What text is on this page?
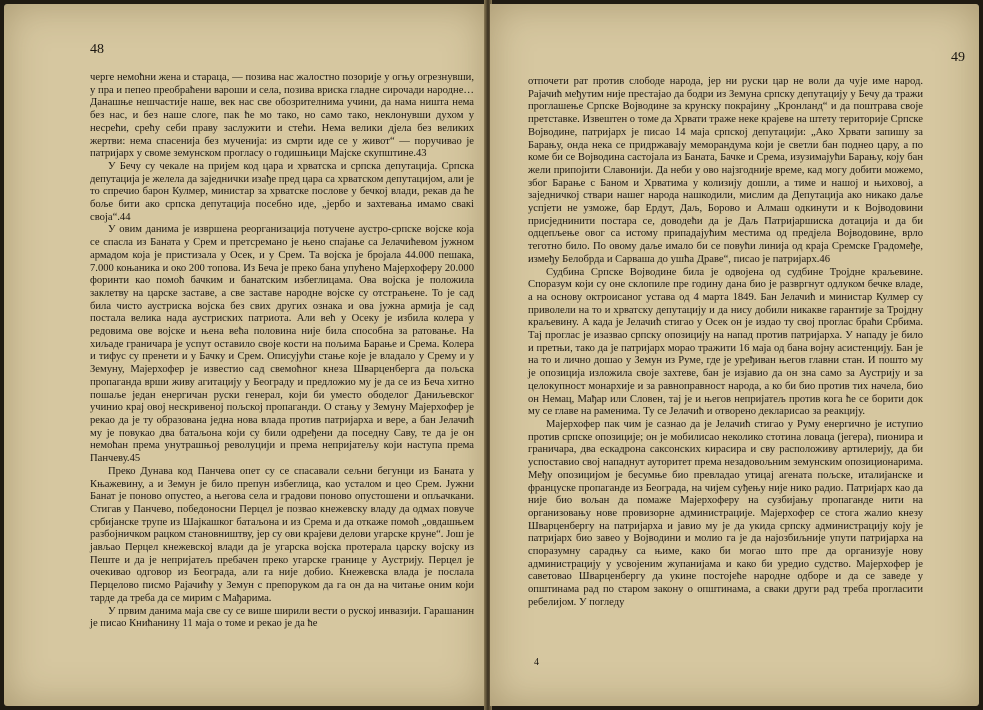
48

черге немоћни жена и стараца, — позива нас жалостно позорије у огњу огрезнувши, у пра и пепео преобраћени вароши и села, позива вриска гладне сирочади народне… Данашње нешчастије наше, век нас све обозрителнима учини, да нама ништа нема без нас, и без наше слоге, пак ће мо тако, но само тако, неклонувши духом у несрећи, срећу себи праву заслужити и стећи. Нема велики дјела без великих жертви: нема спасенија без мученија: из смрти иде се у живот“ — поручивао је патријарх у своме земунском прогласу о годишњици Мајске скупштине.43

У Бечу су чекале на пријем код цара и хрватска и српска депутација. Српска депутација је желела да заједнички изађе пред цара са хрватском депутацијом, али је то спречио барон Кулмер, министар за хрватске послове у бечкој влади, рекав да ће боље бити ако српска депутација посебно иде, „јербо и захтевања имамо свакi своја“.44

У овим данима је извршена реорганизација потучене аустро-српске војске која се спасла из Баната у Срем и претсремано је њено спајање са Јелачићевом јужном армадом која је пристизала у Осек, и у Срем. Та војска је бројала 44.000 пешака, 7.000 коњаника и око 200 топова. Из Беча је преко бана упућено Мајерхоферу 20.000 форинти као помоћ бачким и банатским избеглицама. Ова војска је положила заклетву на царске заставе, а све заставе народне војске су отстрањене. То је сад била чисто аустриска војска без свих других ознака и ова јужна армија је сад постала велика нада аустриских патриота. Али већ у Осеку је избила колера у редовима ове војске и њена већа половина није била способна за ратовање. На хиљаде граничара је успут оставило своје кости на пољима Барање и Срема. Колера и тифус су пренети и у Бачку и Срем. Описујући стање које је владало у Срему и у Земуну, Мајерхофер је известио сад свемоћног кнеза Шварценберга да пољска пропаганда врши живу агитацију у Београду и предложио му је да се из Беча хитно пошаље један енергичан руски генерал, који би уместо ободелог Даниљевског учинио крај овој нескривеној пољској пропаганди. О стању у Земуну Мајерхофер је рекао да је ту образована једна нова влада против патријарха и вере, а бан Јелачић му је повукао два батаљона који су били одређени да поседну Саву, те да је он немоћан према унутрашњој револуцији и према непријатељу који наступа према Панчеву.45

Преко Дунава код Панчева опет су се спасавали сељни бегунци из Баната у Књажевину, а и Земун је било препун избеглица, као усталом и цео Срем. Јужни Банат је поново опустео, а његова села и градови поново опустошени и опљачкани. Стигав у Панчево, победоносни Перцел је позвао кнежевску владу да одмах повуче србијанске трупе из Шајкашког батаљона и из Срема и да откаже помоћ „овдашњем разбојничком рацком становништву, јер су ови крајеви делови угарске круне“. Још је јављао Перцел кнежевској влади да је угарска војска протерала царску војску из Пеште и да је непријатељ пребачен преко угарске границе у Аустрију. Перцел је очекивао одговор из Београда, али га није добио. Кнежевска влада је послала Перцелово писмо Рајачићу у Земун с препоруком да га он да на читање оним који тарде да треба да се мирим с Мађарима.

У првим данима маја све су се више ширили вести о руској инвазији. Гарашанин је писао Книћанину 11 маја о томе и рекао је да ће

49

отпочети рат против слободе народа, јер ни руски цар не воли да чује име народ. Рајачић међутим није престајао да бодри из Земуна српску депутацију у Бечу да тражи проглашење Српске Војводине за крунску покрајину „Кронланд“ и да поштрава своје претставке. Извештен о томе да Хрвати траже неке крајеве на штету територије Српске Војводине, патријарх је писао 14 маја српској депутацији: „Ако Хрвати запишу за Барању, онда нека се придржавају меморандума који је светли бан поднео цару, а по коме би се Војводина састојала из Баната, Бачке и Срема, изузимајући Барању, коју бан жели припојити Славонији. Да неби у ово најзгодније време, кад могу добити можемо, због Барање с Баном и Хрватима у колизију дошли, а тиме и нашој и њиховој, а заједничкој ствари нашег народа нашкодили, мислим да Депутација ако никако даље успјети не узможе, бар Ердут, Даљ, Борово и Алмаш одкинути и к Војводовини присједнинити постара се, доводећи да је Даљ Патријаршиска дотација и да би одцепљење овог са истому припадајућим местима од предјела Војводовине, врло теготно било. По овому даље имало би се повући линија од краја Сремске Градомеђе, између Белобрда и Сарваша до ушћа Драве“, писао је патријарх.46

Судбина Српске Војводине била је одвојена од судбине Тројдне краљевине. Споразум који су оне склопиле пре годину дана био је развргнут одлуком бечке владе, а на основу октроисаног устава од 4 марта 1849. Бан Јелачић и министар Кулмер су приволели на то и хрватску депутацију и да нису добили никакве гарантије за Тројдну краљевину. А када је Јелачић стигао у Осек он је издао ту свој проглас браћи Србима. Тај проглас је изазвао српску опозицију на напад против патријарха. У нападу је било и претњи, тако да је патријарх морао тражити 16 маја од бана војну асистенцију. Бан је на то и лично дошао у Земун из Руме, где је уређиван његов главни стан. И поштo му је опозиција изложила своје захтеве, бан је изјавио да он зна само за Аустрију и за целокупност монархије и за равноправност народа, а ко би био против тих начела, био он Немац, Мађар или Словен, тај је и његов непријатељ против кога ће се борити док му се главе на раменима. Ту се Јелачић и отворено декларисао за реакцију.

Мајерхофер пак чим је сазнао да је Јелачић стигао у Руму енергично је иступио против српске опозиције; он је мобилисао неколико стотина ловаца (јегера), пионира и граничара, два ескадрона саксонских кирасира и сву расположиву артилерију, да би успоставио свој нападнут ауторитет према незадовољним земунским опозиционарима. Међу опозицијом је бесумње био превладао утицај агената пољске, италијанске и француске пропаганде из Београда, на чијем суђењу није нико радио. Патријарх као да није био вољан да помаже Мајерхоферу на сузбијању пропаганде нити на организовању нове провизорне администрације. Мајерхофер се стога жалио кнезу Шварценбергу на патријарха и јавио му је да укида српску администрацију коју је патријарх био завео у Војводини и молио га је да најозбиљније упути патријарха на споразумну сарадњу са њиме, како би могао што пре да организује нову администрацију у усвојеним жупанијама и како би уредио судство. Мајерхофер је саветовао Шварценбергу да укине постојеће народне одборе и да се заведе у општинама рад по старом закону о општинама, а сваки други рад треба прогласити ребелијом. У погледу

4
